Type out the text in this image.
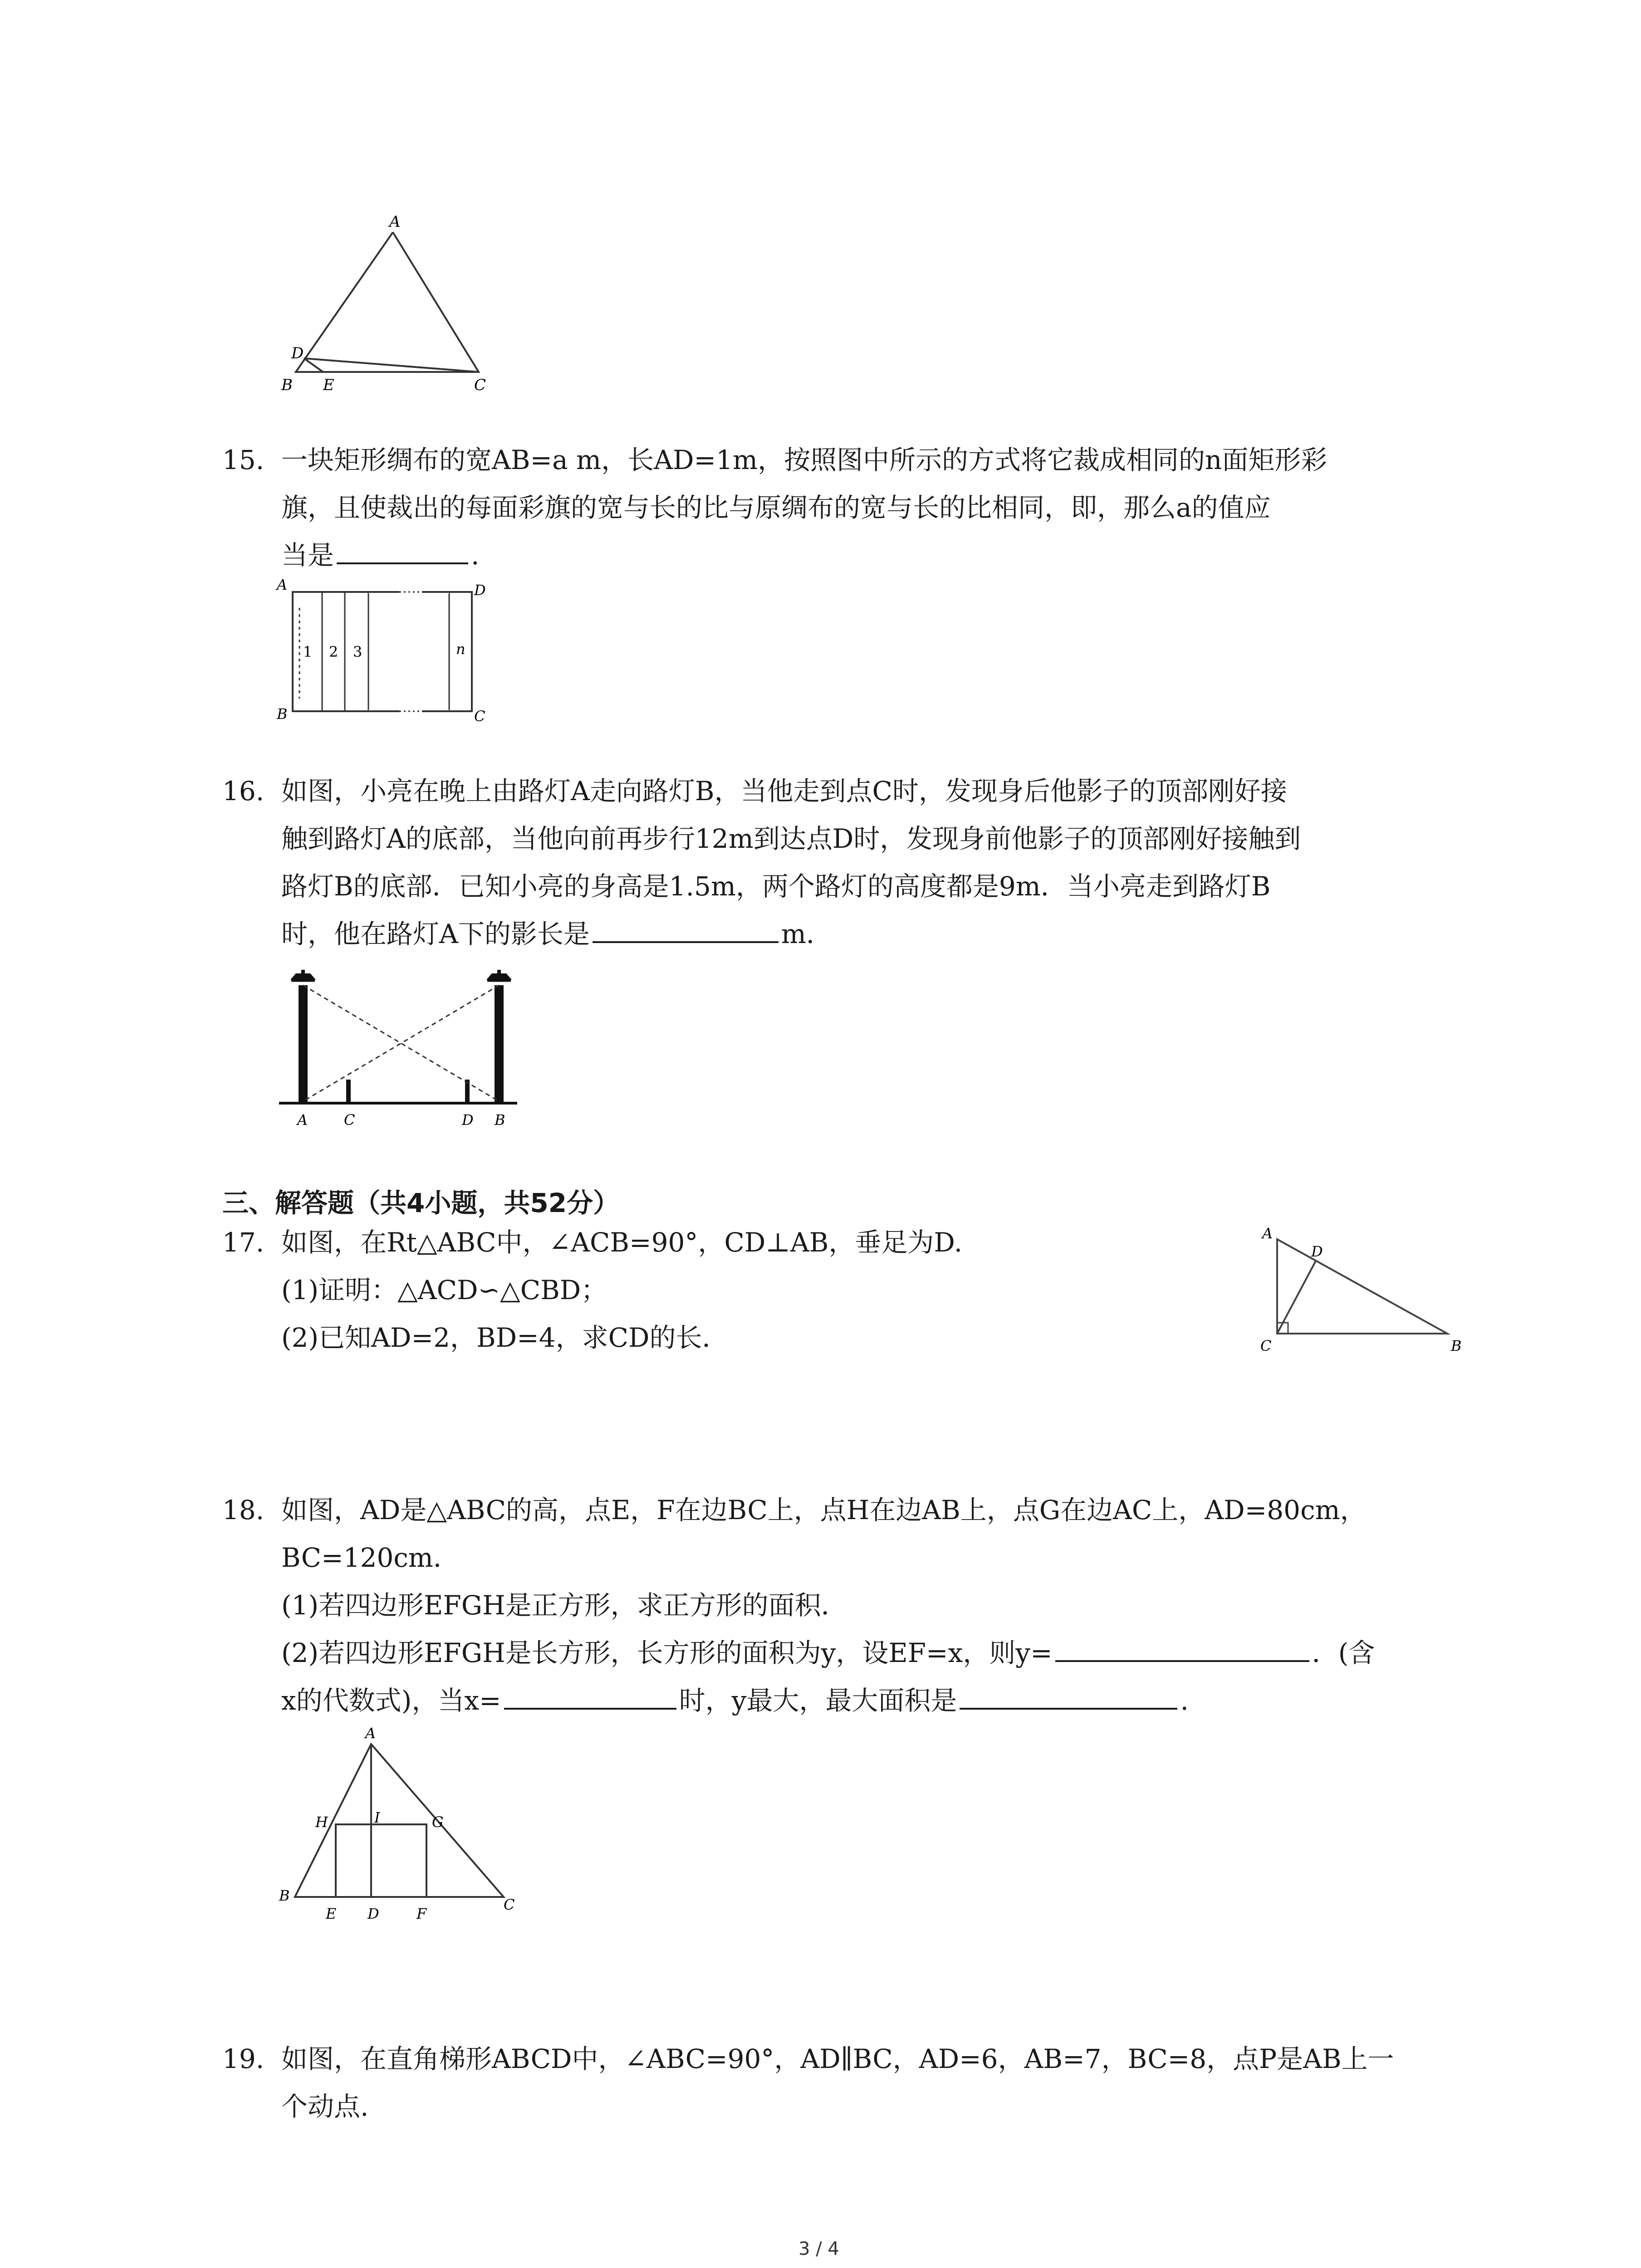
A
D
B E	C
15. 一块矩形绸布的宽AB=a m，长AD=1m，按照图中所示的方式将它裁成相同的n面矩形彩
旗，且使裁出的每面彩旗的宽与长的比与原绸布的宽与长的比相同，即，那么a的值应
当是	.
A	D
B	C
1 2 3	n
16. 如图，小亮在晚上由路灯A走向路灯B，当他走到点C时，发现身后他影子的顶部刚好接
触到路灯A的底部，当他向前再步行12m到达点D时，发现身前他影子的顶部刚好接触到
路灯B的底部．已知小亮的身高是1.5m，两个路灯的高度都是9m．当小亮走到路灯B
时，他在路灯A下的影长是	m．
A C	D B
三、解答题（共4小题，共52分）
17. 如图，在Rt△ABC中，∠ACB=90°，CD⊥AB，垂足为D.
(1)证明：△ACD∽△CBD；
(2)已知AD=2，BD=4，求CD的长．
A
D
C	B
18. 如图，AD是△ABC的高，点E，F在边BC上，点H在边AB上，点G在边AC上，AD=80cm，
BC=120cm．
(1)若四边形EFGH是正方形，求正方形的面积．
(2)若四边形EFGH是长方形，长方形的面积为y，设EF=x，则y=	．(含
x的代数式)，当x=	时，y最大，最大面积是	.
A
H	I	G
B
E D	F
C
19. 如图，在直角梯形ABCD中，∠ABC=90°，AD∥BC，AD=6，AB=7，BC=8，点P是AB上一
个动点.
3 / 4
